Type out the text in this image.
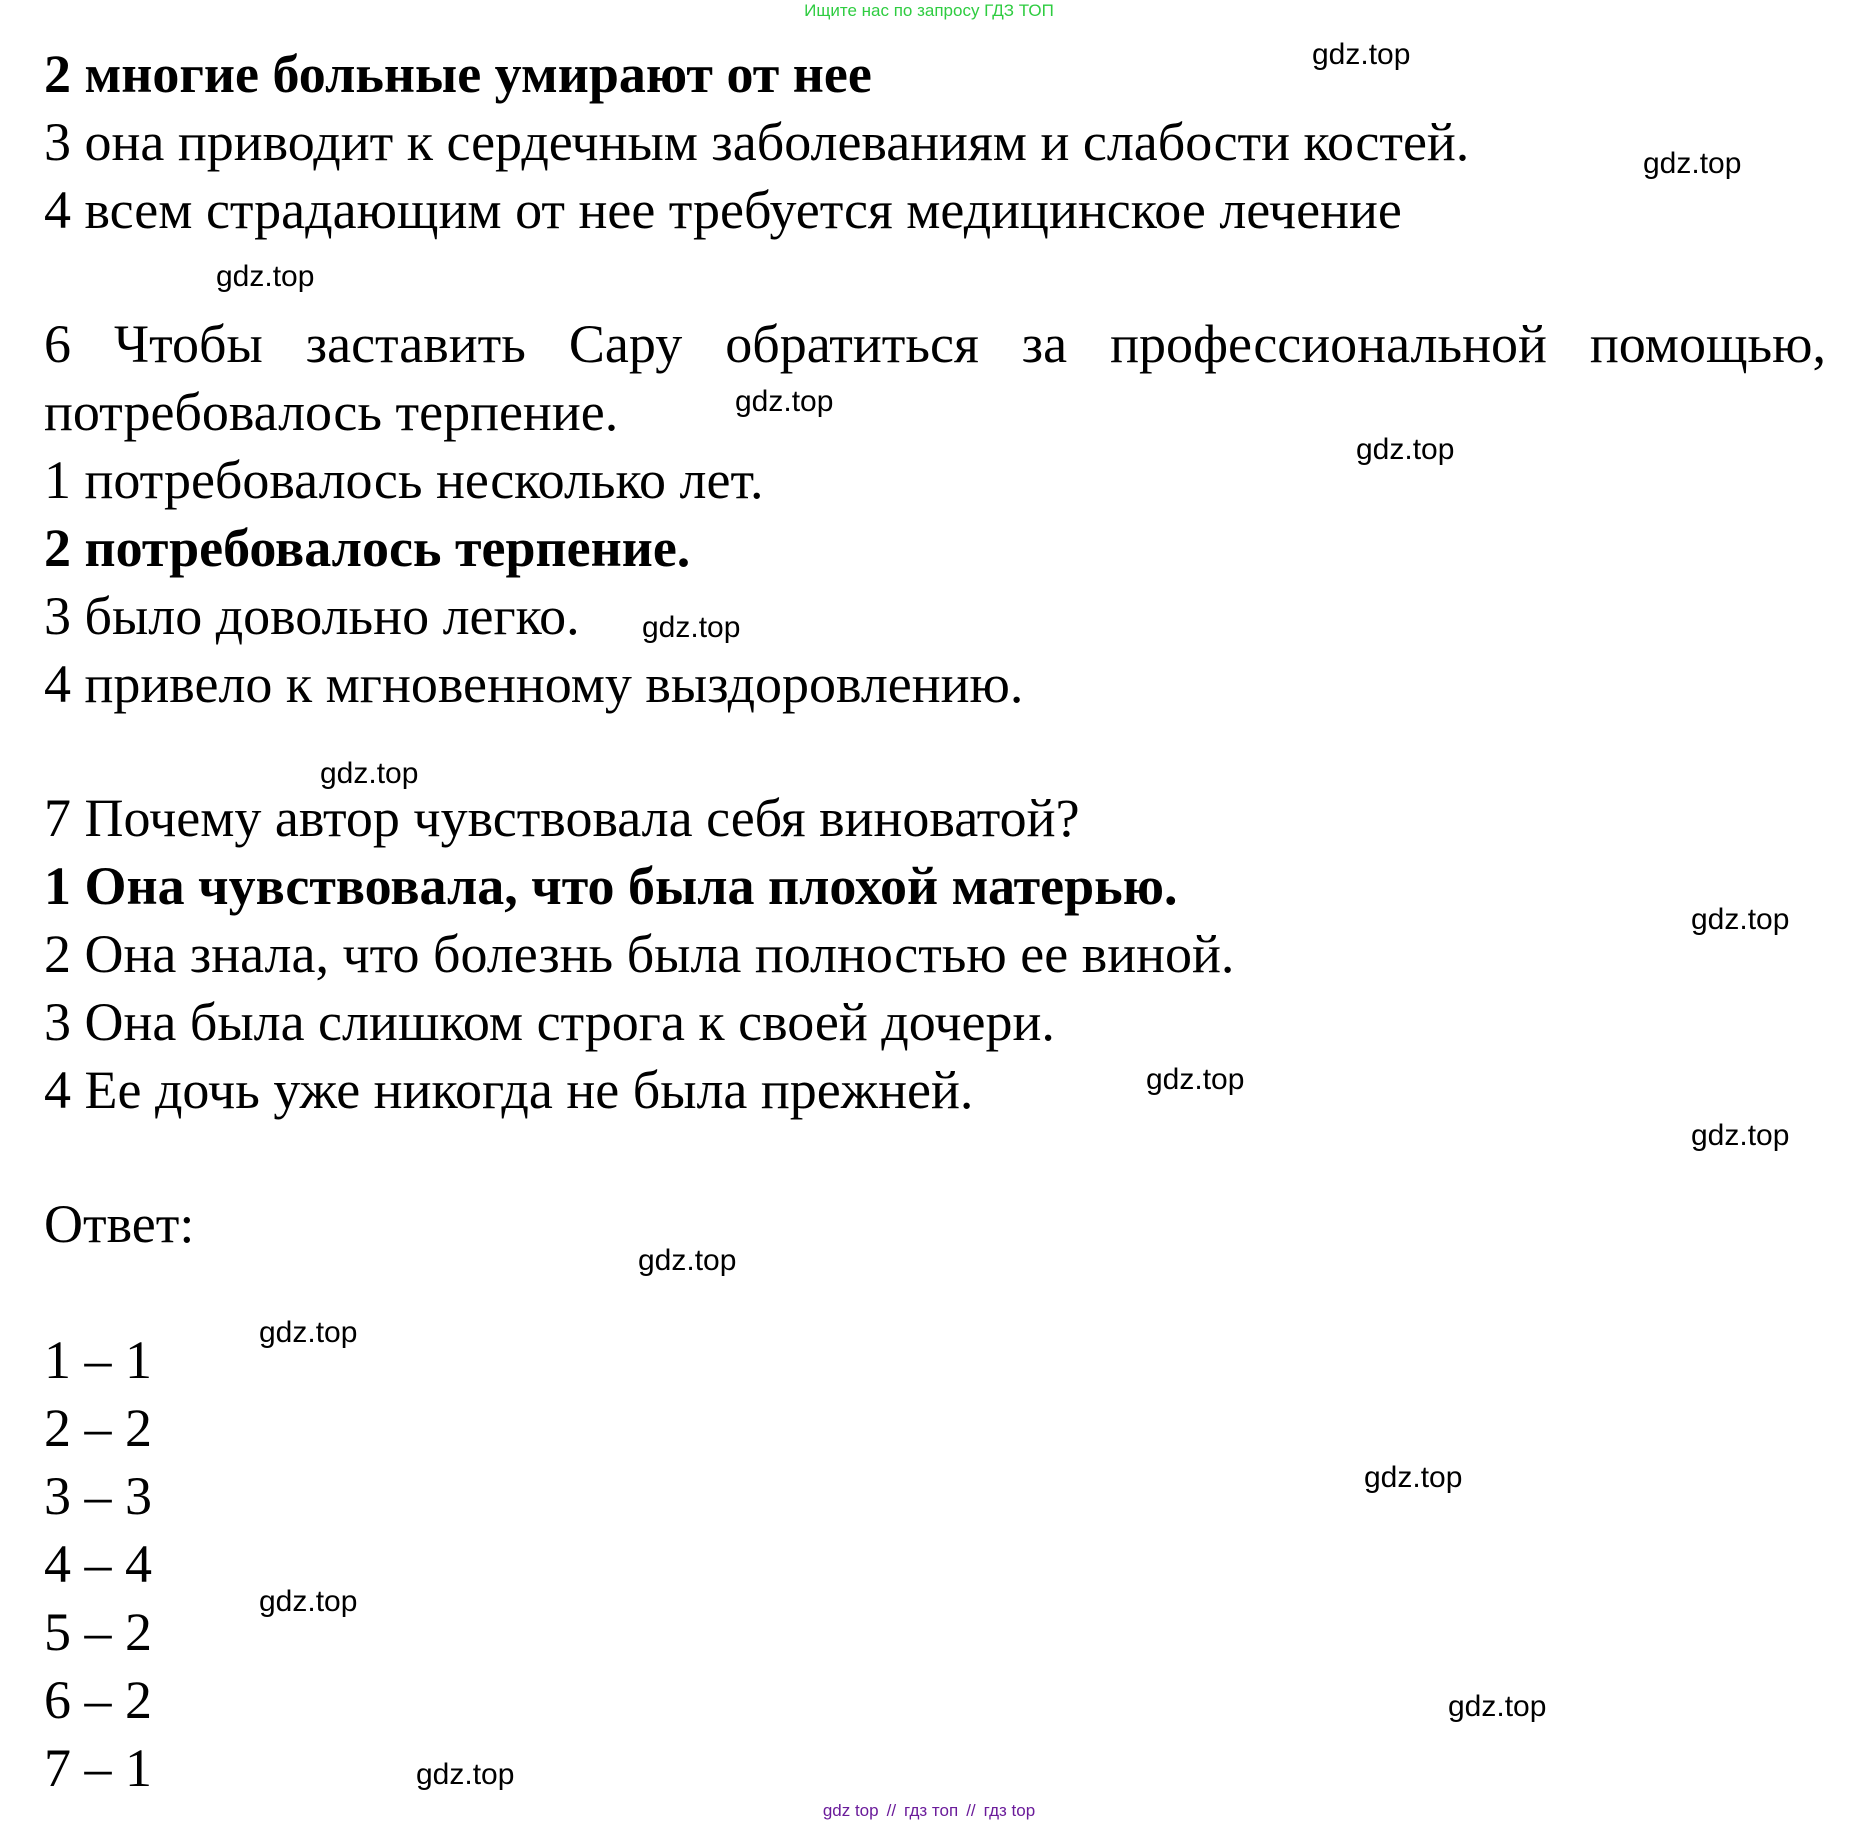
Ищите нас по запросу ГДЗ ТОП
2 многие больные умирают от нее
3 она приводит к сердечным заболеваниям и слабости костей.
4 всем страдающим от нее требуется медицинское лечение
6 Чтобы заставить Сару обратиться за профессиональной помощью, потребовалось терпение.
1 потребовалось несколько лет.
2 потребовалось терпение.
3 было довольно легко.
4 привело к мгновенному выздоровлению.
7 Почему автор чувствовала себя виноватой?
1 Она чувствовала, что была плохой матерью.
2 Она знала, что болезнь была полностью ее виной.
3 Она была слишком строга к своей дочери.
4 Ее дочь уже никогда не была прежней.
Ответ:
1 – 1
2 – 2
3 – 3
4 – 4
5 – 2
6 – 2
7 – 1
gdz.top
gdz.top
gdz.top
gdz.top
gdz.top
gdz.top
gdz.top
gdz.top
gdz.top
gdz.top
gdz.top
gdz.top
gdz.top
gdz.top
gdz.top
gdz.top
gdz top // гдз топ // гдз top
